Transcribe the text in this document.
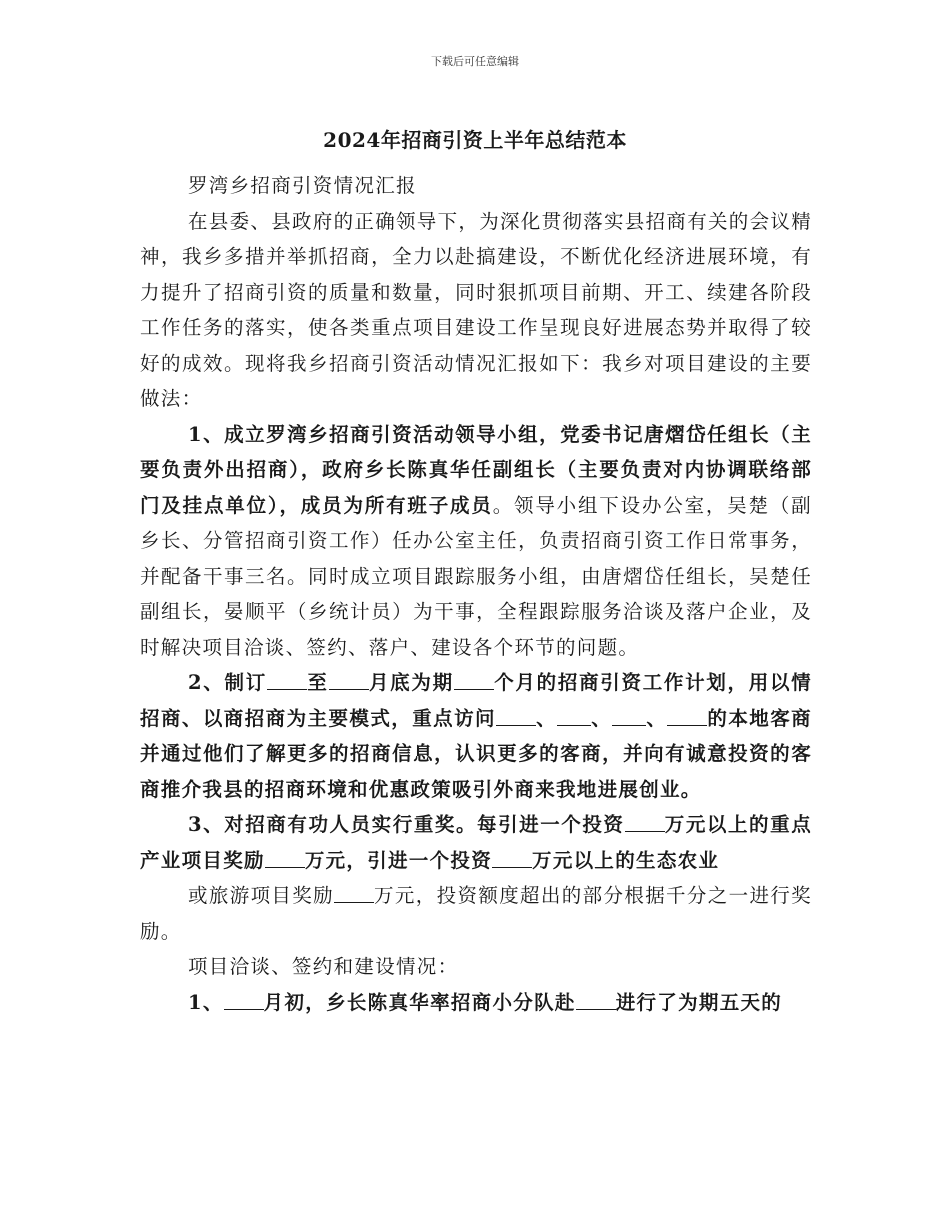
下载后可任意编辑
2024年招商引资上半年总结范本

罗湾乡招商引资情况汇报

在县委、县政府的正确领导下，为深化贯彻落实县招商有关的会议精神，我乡多措并举抓招商，全力以赴搞建设，不断优化经济进展环境，有力提升了招商引资的质量和数量，同时狠抓项目前期、开工、续建各阶段工作任务的落实，使各类重点项目建设工作呈现良好进展态势并取得了较好的成效。现将我乡招商引资活动情况汇报如下：我乡对项目建设的主要做法：

1、成立罗湾乡招商引资活动领导小组，党委书记唐熠岱任组长（主要负责外出招商），政府乡长陈真华任副组长（主要负责对内协调联络部门及挂点单位），成员为所有班子成员。领导小组下设办公室，吴楚（副乡长、分管招商引资工作）任办公室主任，负责招商引资工作日常事务，并配备干事三名。同时成立项目跟踪服务小组，由唐熠岱任组长，吴楚任副组长，晏顺平（乡统计员）为干事，全程跟踪服务洽谈及落户企业，及时解决项目洽谈、签约、落户、建设各个环节的问题。

2、制订 至 月底为期 个月的招商引资工作计划，用以情招商、以商招商为主要模式，重点访问 、 、 、 的本地客商并通过他们了解更多的招商信息，认识更多的客商，并向有诚意投资的客商推介我县的招商环境和优惠政策吸引外商来我地进展创业。

3、对招商有功人员实行重奖。每引进一个投资 万元以上的重点产业项目奖励 万元，引进一个投资 万元以上的生态农业

或旅游项目奖励 万元，投资额度超出的部分根据千分之一进行奖励。

项目洽谈、签约和建设情况：

1、 月初，乡长陈真华率招商小分队赴 进行了为期五天的
